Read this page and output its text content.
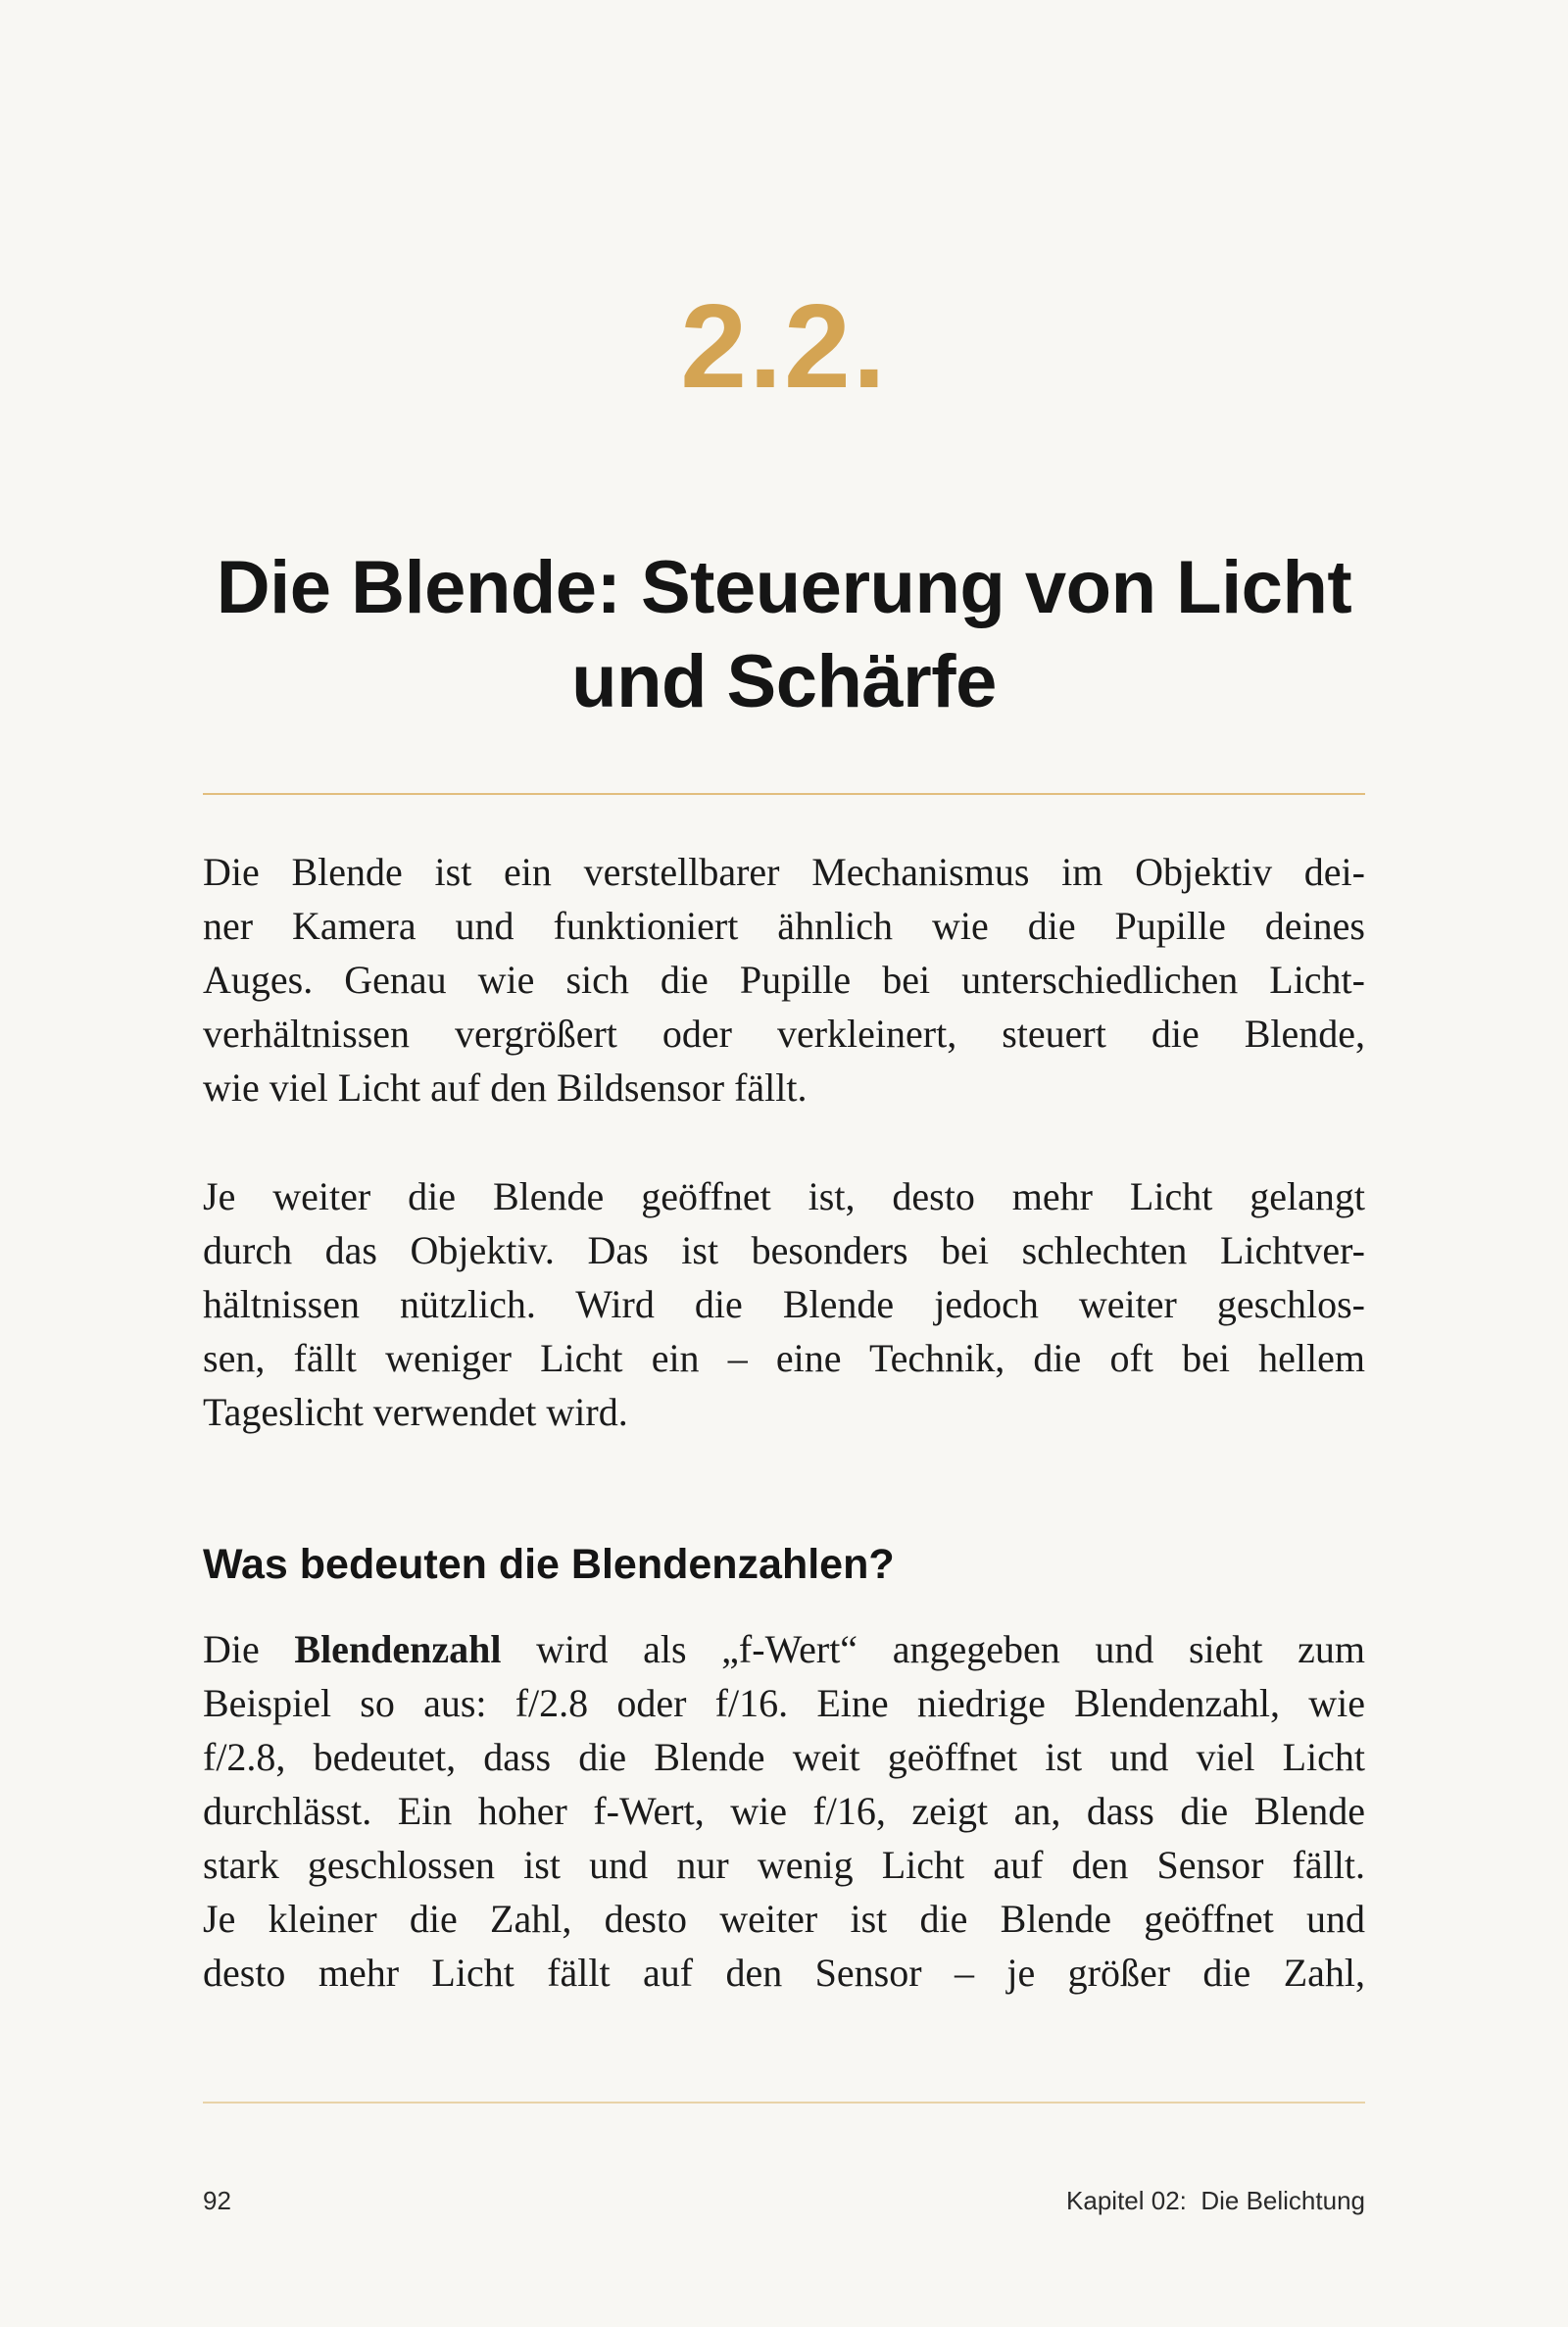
2.2.
Die Blende: Steuerung von Licht und Schärfe

Die Blende ist ein verstellbarer Mechanismus im Objektiv dei-
ner Kamera und funktioniert ähnlich wie die Pupille deines
Auges. Genau wie sich die Pupille bei unterschiedlichen Licht-
verhältnissen vergrößert oder verkleinert, steuert die Blende,
wie viel Licht auf den Bildsensor fällt.

Je weiter die Blende geöffnet ist, desto mehr Licht gelangt
durch das Objektiv. Das ist besonders bei schlechten Lichtver-
hältnissen nützlich. Wird die Blende jedoch weiter geschlos-
sen, fällt weniger Licht ein – eine Technik, die oft bei hellem
Tageslicht verwendet wird.

Was bedeuten die Blendenzahlen?

Die Blendenzahl wird als „f-Wert“ angegeben und sieht zum
Beispiel so aus: f/2.8 oder f/16. Eine niedrige Blendenzahl, wie
f/2.8, bedeutet, dass die Blende weit geöffnet ist und viel Licht
durchlässt. Ein hoher f-Wert, wie f/16, zeigt an, dass die Blende
stark geschlossen ist und nur wenig Licht auf den Sensor fällt.
Je kleiner die Zahl, desto weiter ist die Blende geöffnet und
desto mehr Licht fällt auf den Sensor – je größer die Zahl,

92	Kapitel 02:  Die Belichtung
